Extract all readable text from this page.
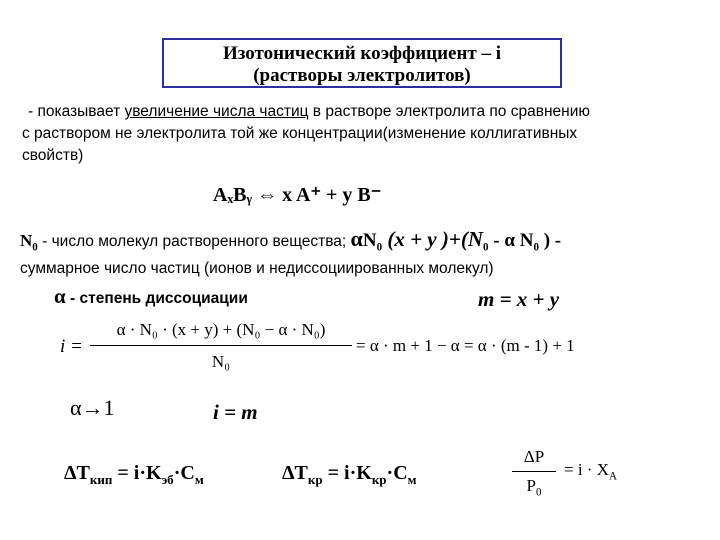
Изотонический коэффициент – i
(растворы электролитов)
- показывает увеличение числа частиц в растворе электролита по сравнению
с раствором не электролита той же концентрации(изменение коллигативных
свойств)
AₓBᵧ ⇔ x A⁺ + y B⁻
$N_0$ - число молекул растворенного вещества; $\alpha N_0$ (x + y )$+(N_0 - \alpha$ $N_0$ ) -
суммарное число частиц (ионов и недиссоциированных молекул)
α - степень диссоциации	m = x + y
i =
α · N₀ · (x + y) + (N₀ − α · N₀)
N₀
= α · m + 1 − α = α · (m - 1) + 1
α→1	i = m
$\Delta T_{кип} = i\cdot K_{эб}\cdot C_м$	$\Delta T_{кр} = i\cdot K_{кр}\cdot C_м$
ΔP
$P_0$
= $i \cdot X_A$
